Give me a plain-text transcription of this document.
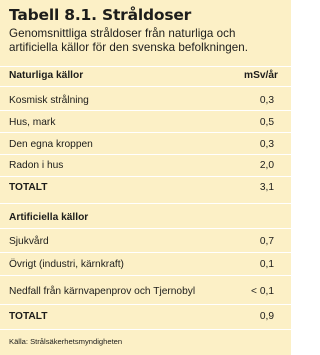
Tabell 8.1. Stråldoser
Genomsnittliga stråldoser från naturliga och artificiella källor för den svenska befolkningen.
Naturliga källor	mSv/år
Kosmisk strålning	0,3
Hus, mark	0,5
Den egna kroppen	0,3
Radon i hus	2,0
TOTALT	3,1
Artificiella källor
Sjukvård	0,7
Övrigt (industri, kärnkraft)	0,1
Nedfall från kärnvapenprov och Tjernobyl	< 0,1
TOTALT	0,9
Källa: Strålsäkerhetsmyndigheten
